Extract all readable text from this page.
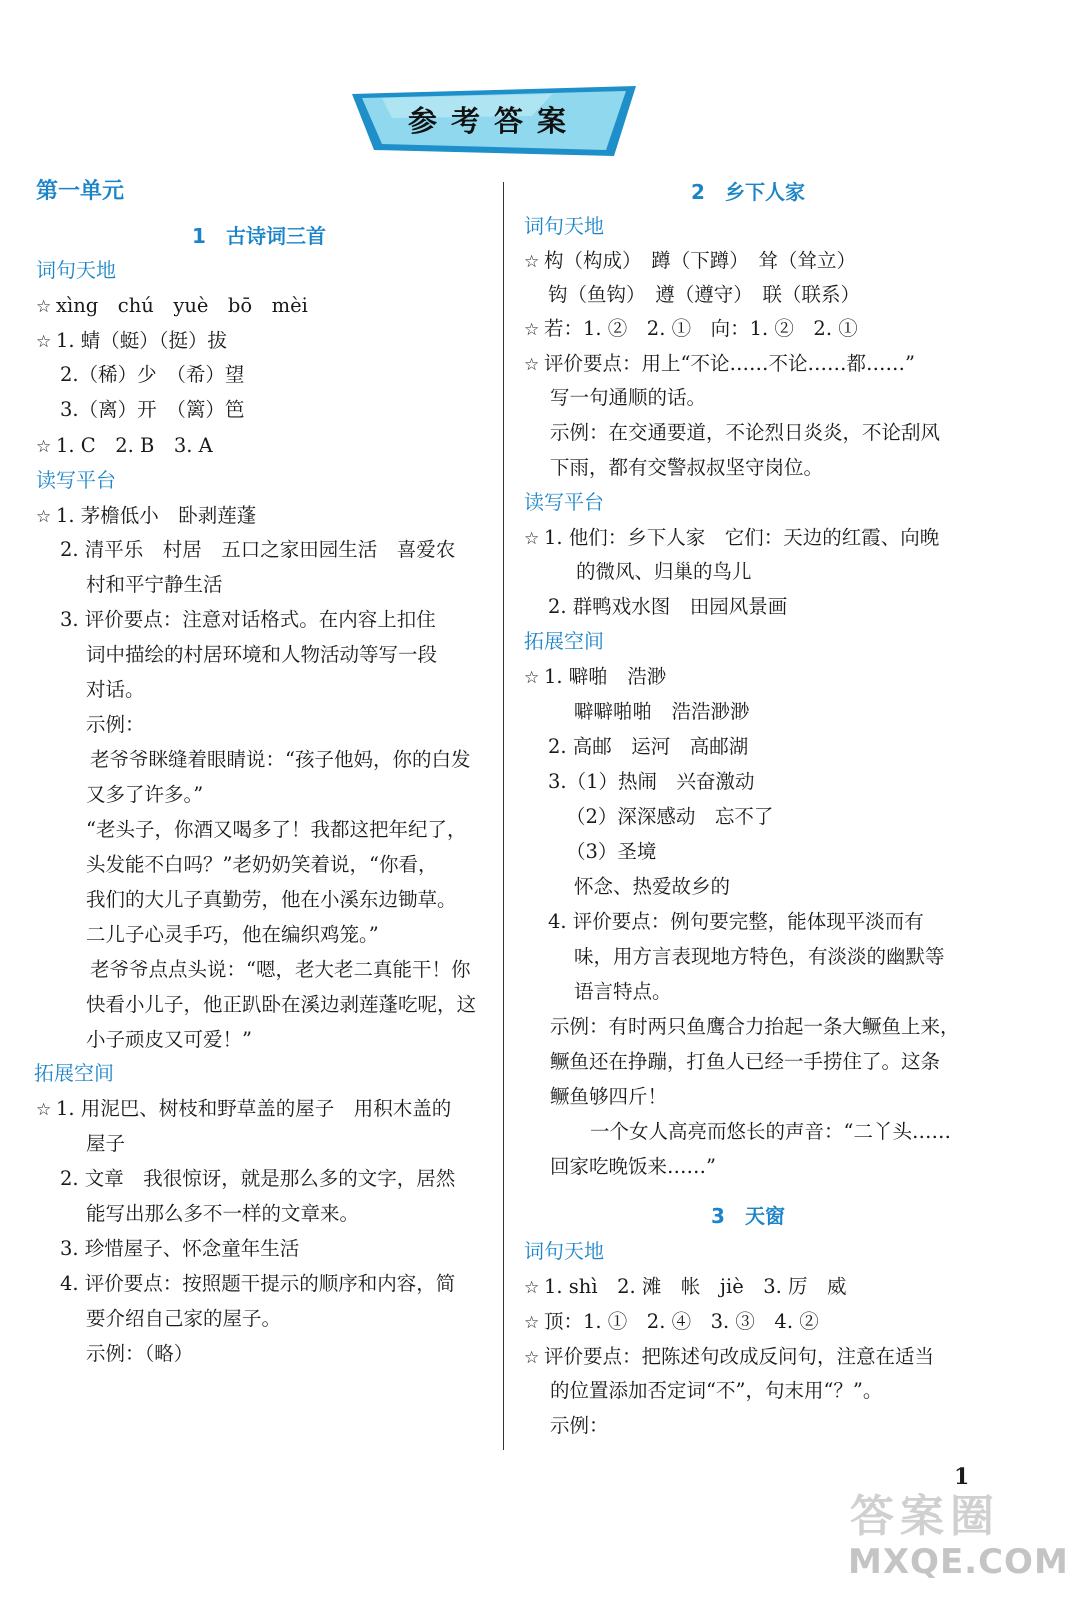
参考答案
第一单元
1　古诗词三首
词句天地
☆ xìng　chú　yuè　bō　mèi
☆ 1. 蜻（蜓）（挺）拔
2.（稀）少　（希）望
3.（离）开　（篱）笆
☆ 1. C　2. B　3. A
读写平台
☆ 1. 茅檐低小　卧剥莲蓬
2. 清平乐　村居　五口之家田园生活　喜爱农
村和平宁静生活
3. 评价要点：注意对话格式。在内容上扣住
词中描绘的村居环境和人物活动等写一段
对话。
示例：
老爷爷眯缝着眼睛说：“孩子他妈，你的白发
又多了许多。”
“老头子，你酒又喝多了！我都这把年纪了，
头发能不白吗？”老奶奶笑着说，“你看，
我们的大儿子真勤劳，他在小溪东边锄草。
二儿子心灵手巧，他在编织鸡笼。”
老爷爷点点头说：“嗯，老大老二真能干！你
快看小儿子，他正趴卧在溪边剥莲蓬吃呢，这
小子顽皮又可爱！”
拓展空间
☆ 1. 用泥巴、树枝和野草盖的屋子　用积木盖的
屋子
2. 文章　我很惊讶，就是那么多的文字，居然
能写出那么多不一样的文章来。
3. 珍惜屋子、怀念童年生活
4. 评价要点：按照题干提示的顺序和内容，简
要介绍自己家的屋子。
示例：（略）
2　乡下人家
词句天地
☆ 构（构成）　蹲（下蹲）　耸（耸立）
钩（鱼钩）　遵（遵守）　联（联系）
☆ 若：1. ②　2. ①　向：1. ②　2. ①
☆ 评价要点：用上“不论……不论……都……”
写一句通顺的话。
示例：在交通要道，不论烈日炎炎，不论刮风
下雨，都有交警叔叔坚守岗位。
读写平台
☆ 1. 他们：乡下人家　它们：天边的红霞、向晚
的微风、归巢的鸟儿
2. 群鸭戏水图　田园风景画
拓展空间
☆ 1. 噼啪　浩渺
噼噼啪啪　浩浩渺渺
2. 高邮　运河　高邮湖
3.（1）热闹　兴奋激动
（2）深深感动　忘不了
（3）圣境
怀念、热爱故乡的
4. 评价要点：例句要完整，能体现平淡而有
味，用方言表现地方特色，有淡淡的幽默等
语言特点。
示例：有时两只鱼鹰合力抬起一条大鳜鱼上来，
鳜鱼还在挣蹦，打鱼人已经一手捞住了。这条
鳜鱼够四斤！
一个女人高亮而悠长的声音：“二丫头……
回家吃晚饭来……”
3　天窗
词句天地
☆ 1. shì　2. 滩　帐　jiè　3. 厉　威
☆ 顶：1. ①　2. ④　3. ③　4. ②
☆ 评价要点：把陈述句改成反问句，注意在适当
的位置添加否定词“不”，句末用“？”。
示例：
1
答案圈
MXQE.COM
